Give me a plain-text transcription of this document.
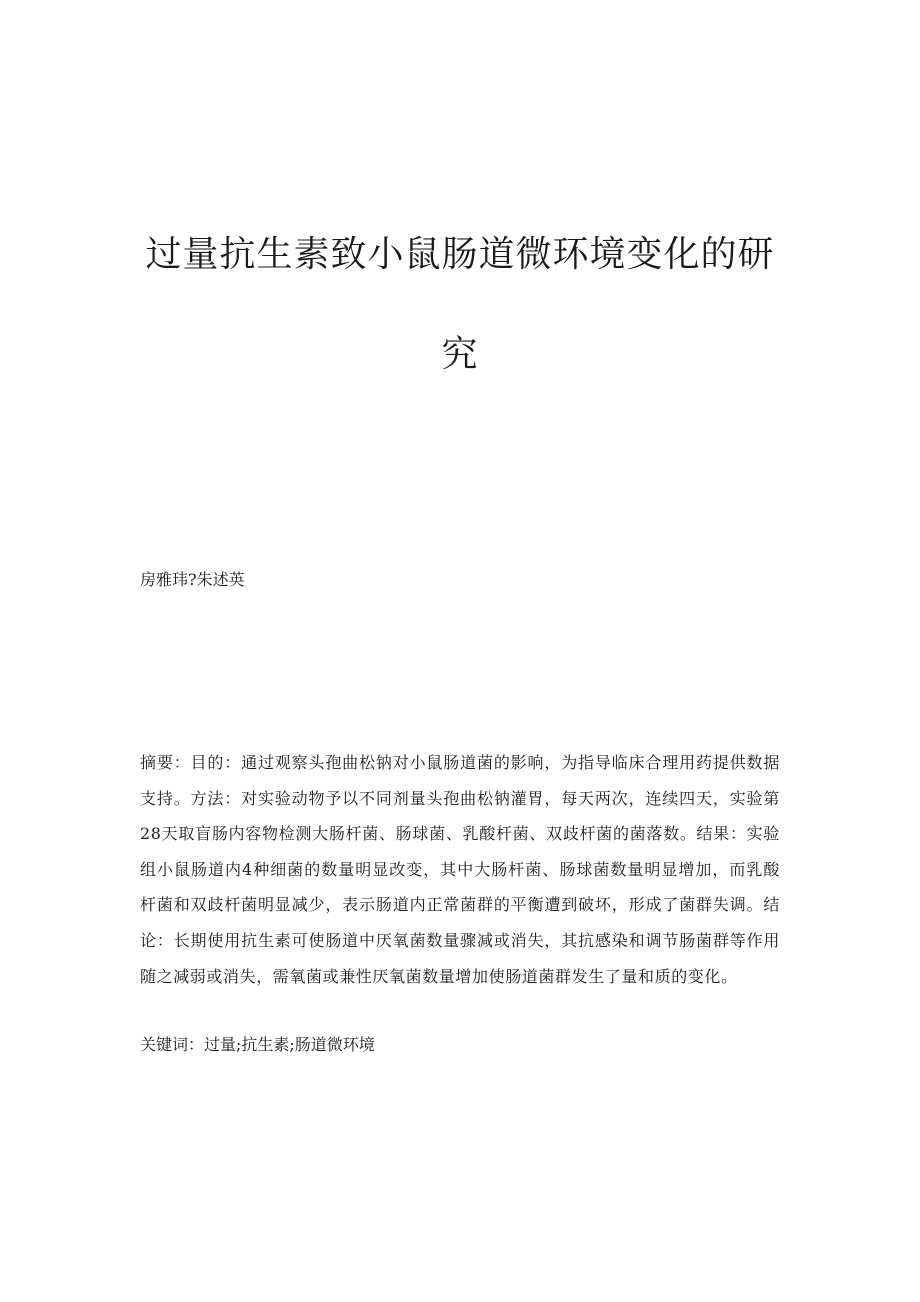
过量抗生素致小鼠肠道微环境变化的研究
房雅玮?朱述英

摘要：目的：通过观察头孢曲松钠对小鼠肠道菌的影响，为指导临床合理用药提供数据支持。方法：对实验动物予以不同剂量头孢曲松钠灌胃，每天两次，连续四天，实验第28天取盲肠内容物检测大肠杆菌、肠球菌、乳酸杆菌、双歧杆菌的菌落数。结果：实验组小鼠肠道内4种细菌的数量明显改变，其中大肠杆菌、肠球菌数量明显增加，而乳酸杆菌和双歧杆菌明显减少，表示肠道内正常菌群的平衡遭到破坏，形成了菌群失调。结论：长期使用抗生素可使肠道中厌氧菌数量骤减或消失，其抗感染和调节肠菌群等作用随之减弱或消失，需氧菌或兼性厌氧菌数量增加使肠道菌群发生了量和质的变化。

关键词：过量;抗生素;肠道微环境
